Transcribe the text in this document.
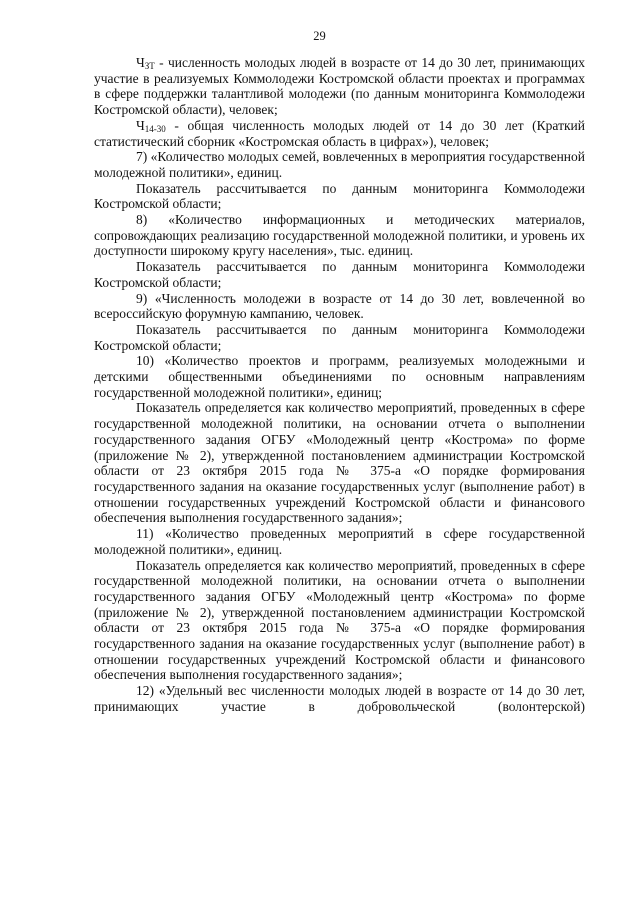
29

$Ч_{ЗТ}$ - численность молодых людей в возрасте от 14 до 30 лет, принимающих участие в реализуемых Коммолодежи Костромской области проектах и программах в сфере поддержки талантливой молодежи (по данным мониторинга Коммолодежи Костромской области), человек;

$Ч_{14-30}$ - общая численность молодых людей от 14 до 30 лет (Краткий статистический сборник «Костромская область в цифрах»), человек;

7) «Количество молодых семей, вовлеченных в мероприятия государственной молодежной политики», единиц.

Показатель рассчитывается по данным мониторинга Коммолодежи Костромской области;

8) «Количество информационных и методических материалов, сопровождающих реализацию государственной молодежной политики, и уровень их доступности широкому кругу населения», тыс. единиц.

Показатель рассчитывается по данным мониторинга Коммолодежи Костромской области;

9) «Численность молодежи в возрасте от 14 до 30 лет, вовлеченной во всероссийскую форумную кампанию, человек.

Показатель рассчитывается по данным мониторинга Коммолодежи Костромской области;

10) «Количество проектов и программ, реализуемых молодежными и детскими общественными объединениями по основным направлениям государственной молодежной политики», единиц;

Показатель определяется как количество мероприятий, проведенных в сфере государственной молодежной политики, на основании отчета о выполнении государственного задания ОГБУ «Молодежный центр «Кострома» по форме (приложение № 2), утвержденной постановлением администрации Костромской области от 23 октября 2015 года № 375-а «О порядке формирования государственного задания на оказание государственных услуг (выполнение работ) в отношении государственных учреждений Костромской области и финансового обеспечения выполнения государственного задания»;

11) «Количество проведенных мероприятий в сфере государственной молодежной политики», единиц.

Показатель определяется как количество мероприятий, проведенных в сфере государственной молодежной политики, на основании отчета о выполнении государственного задания ОГБУ «Молодежный центр «Кострома» по форме (приложение № 2), утвержденной постановлением администрации Костромской области от 23 октября 2015 года № 375-а «О порядке формирования государственного задания на оказание государственных услуг (выполнение работ) в отношении государственных учреждений Костромской области и финансового обеспечения выполнения государственного задания»;

12) «Удельный вес численности молодых людей в возрасте от 14 до 30 лет, принимающих участие в добровольческой (волонтерской)
